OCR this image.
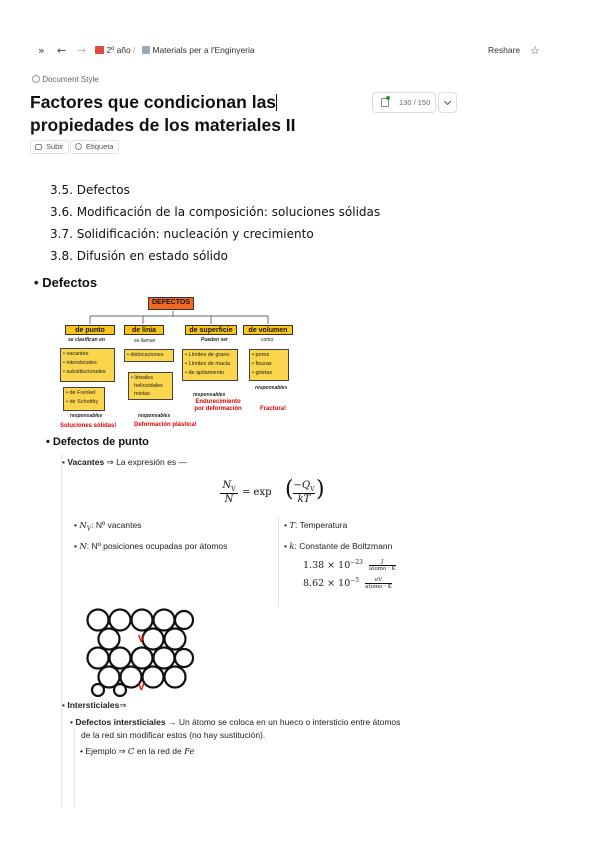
» ← →	2º año /	Materials per a l'Enginyeria	Reshare ☆
Document Style
Factores que condicionan las
propiedades de los materiales II
130 / 150
Subir	Etiqueta
3.5. Defectos
3.6. Modificación de la composición: soluciones sólidas
3.7. Solidificación: nucleación y crecimiento
3.8. Difusión en estado sólido
• Defectos
DEFECTOS
de punto	de línia	de superficie	de volumen
se clasifican en	se llaman	Pueden ser	como
• vacantes
• intersticiales
• substitucionales
• de Frenkel
• de Schottky
• dislocaciones
• lineales
helicoidales
mixtas
• Límites de grano
• Límites de macla
• de apilamiento
• poros
• fisuras
• grietas
responsables	responsables
responsables
responsables
Soluciones sólidas!	Deformación plástica!
Endurecimiento por deformación	Fractura!
• Defectos de punto
• Vacantes ⇒ La expresión es —
$N_V$
N
= exp ( $-Q_V$
kT )
• $N_V$: Nº vacantes
• N: Nº posiciones ocupadas por átomos
• T: Temperatura
• k: Constante de Boltzmann
$1.38 \times 10^{-23}$	J
átomo · K
$8.62 \times 10^{-5}$	eV
átomo · K
V
V
• Intersticiales⇒
• Defectos intersticiales → Un átomo se coloca en un hueco o intersticio entre átomos
de la red sin modificar estos (no hay sustitución).
• Ejemplo ⇒ C en la red de Fe
